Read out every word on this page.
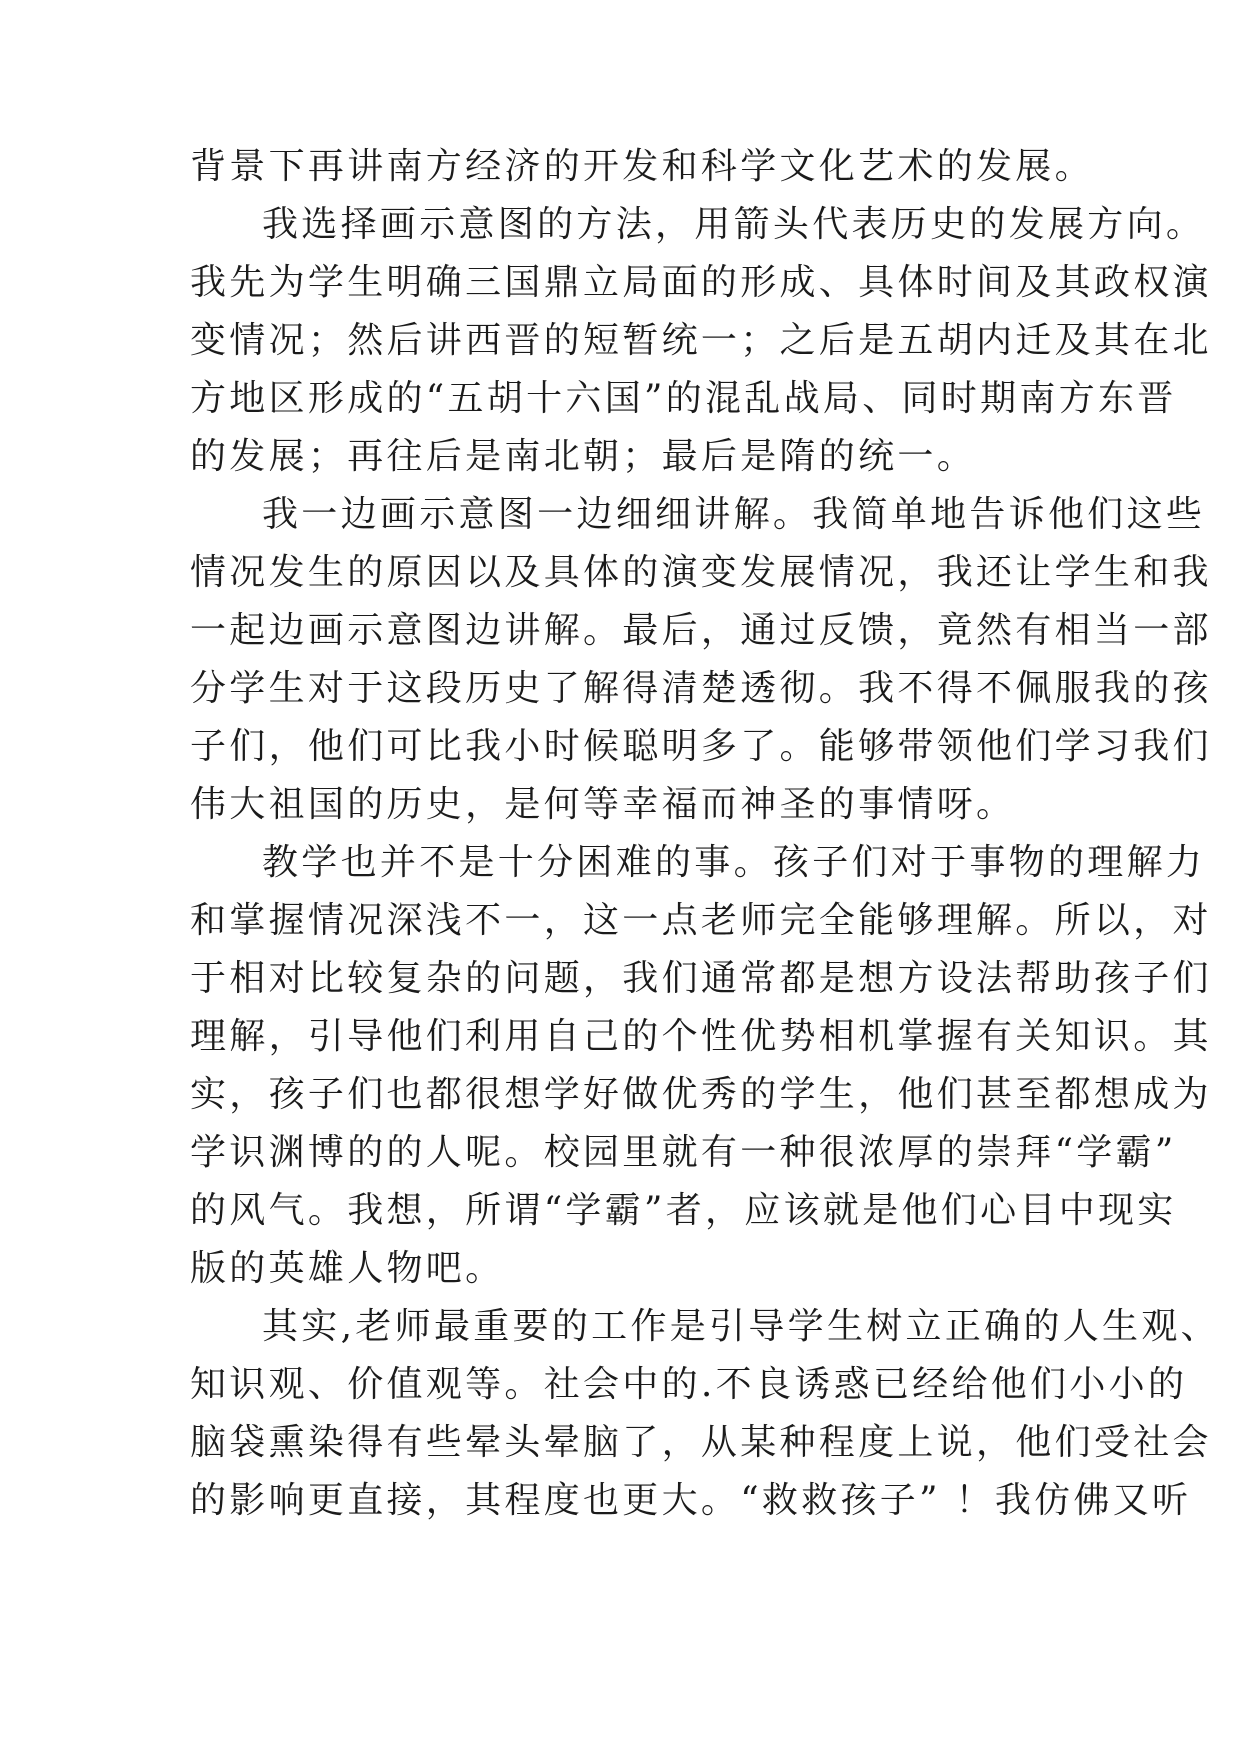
背景下再讲南方经济的开发和科学文化艺术的发展。
我选择画示意图的方法，用箭头代表历史的发展方向。
我先为学生明确三国鼎立局面的形成、具体时间及其政权演
变情况；然后讲西晋的短暂统一；之后是五胡内迁及其在北
方地区形成的“五胡十六国”的混乱战局、同时期南方东晋
的发展；再往后是南北朝；最后是隋的统一。
我一边画示意图一边细细讲解。我简单地告诉他们这些
情况发生的原因以及具体的演变发展情况，我还让学生和我
一起边画示意图边讲解。最后，通过反馈，竟然有相当一部
分学生对于这段历史了解得清楚透彻。我不得不佩服我的孩
子们，他们可比我小时候聪明多了。能够带领他们学习我们
伟大祖国的历史，是何等幸福而神圣的事情呀。
教学也并不是十分困难的事。孩子们对于事物的理解力
和掌握情况深浅不一，这一点老师完全能够理解。所以，对
于相对比较复杂的问题，我们通常都是想方设法帮助孩子们
理解，引导他们利用自己的个性优势相机掌握有关知识。其
实，孩子们也都很想学好做优秀的学生，他们甚至都想成为
学识渊博的的人呢。校园里就有一种很浓厚的崇拜“学霸”
的风气。我想，所谓“学霸”者，应该就是他们心目中现实
版的英雄人物吧。
其实,老师最重要的工作是引导学生树立正确的人生观、
知识观、价值观等。社会中的.不良诱惑已经给他们小小的
脑袋熏染得有些晕头晕脑了，从某种程度上说，他们受社会
的影响更直接，其程度也更大。“救救孩子” ！我仿佛又听
